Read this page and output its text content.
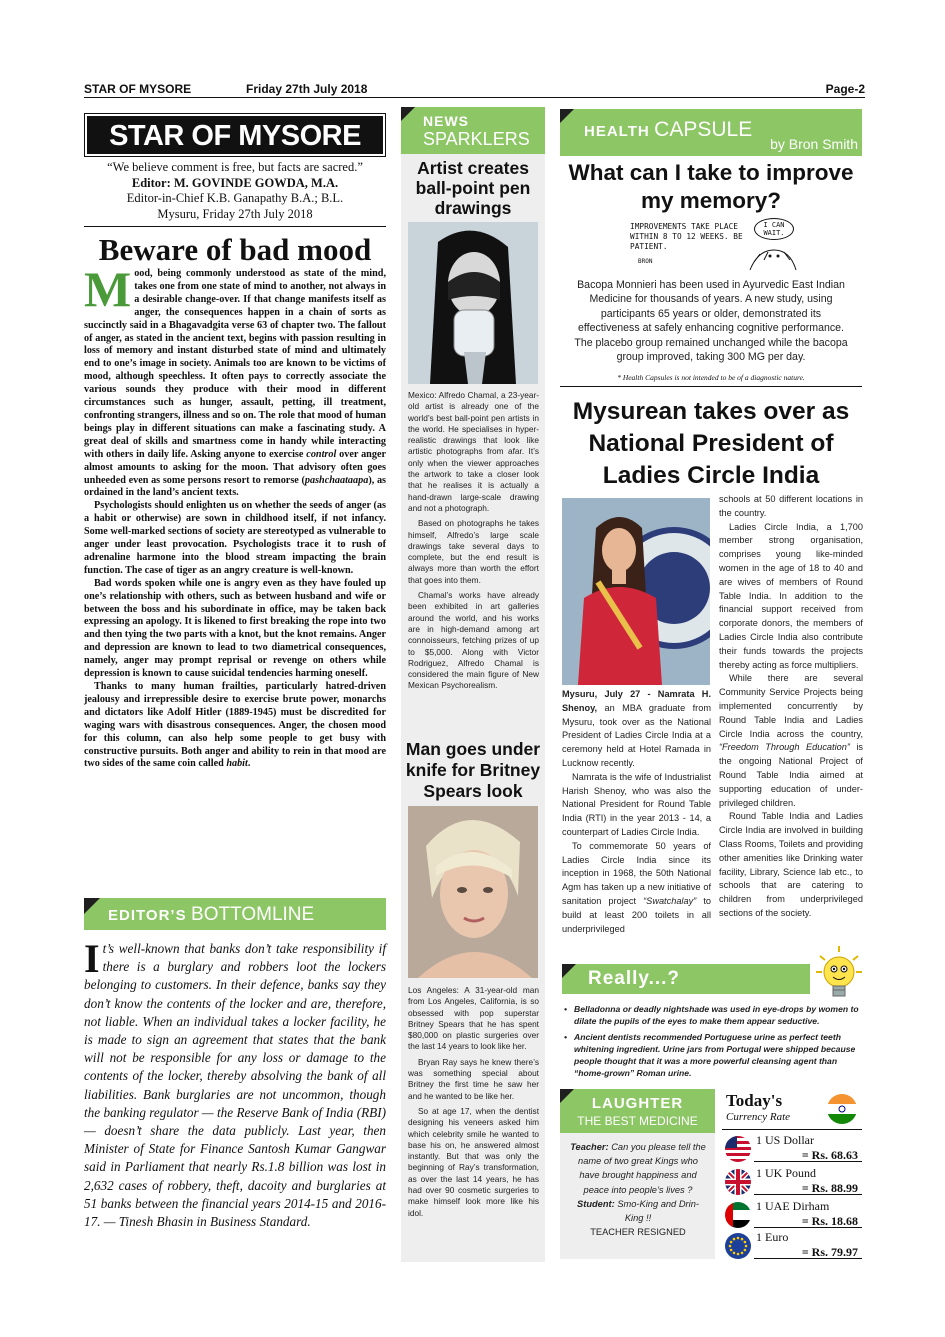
STAR OF MYSORE	Friday 27th July 2018	Page-2
STAR OF MYSORE
“We believe comment is free, but facts are sacred.”
Editor: M. GOVINDE GOWDA, M.A.
Editor-in-Chief K.B. Ganapathy B.A.; B.L.
Mysuru, Friday 27th July 2018
Beware of bad mood

Mood, being commonly understood as state of the mind, takes one from one state of mind to another, not always in a desirable change-over. If that change manifests itself as anger, the consequences happen in a chain of sorts as succinctly said in a Bhagavadgita verse 63 of chapter two. The fallout of anger, as stated in the ancient text, begins with passion resulting in loss of memory and instant disturbed state of mind and ultimately end to one’s image in society. Animals too are known to be victims of mood, although speechless. It often pays to correctly associate the various sounds they produce with their mood in different circumstances such as hunger, assault, petting, ill treatment, confronting strangers, illness and so on. The role that mood of human beings play in different situations can make a fascinating study. A great deal of skills and smartness come in handy while interacting with others in daily life. Asking anyone to exercise control over anger almost amounts to asking for the moon. That advisory often goes unheeded even as some persons resort to remorse (pashchaataapa), as ordained in the land’s ancient texts.

Psychologists should enlighten us on whether the seeds of anger (as a habit or otherwise) are sown in childhood itself, if not infancy. Some well-marked sections of society are stereotyped as vulnerable to anger under least provocation. Psychologists trace it to rush of adrenaline harmone into the blood stream impacting the brain function. The case of tiger as an angry creature is well-known.

Bad words spoken while one is angry even as they have fouled up one’s relationship with others, such as between husband and wife or between the boss and his subordinate in office, may be taken back expressing an apology. It is likened to first breaking the rope into two and then tying the two parts with a knot, but the knot remains. Anger and depression are known to lead to two diametrical consequences, namely, anger may prompt reprisal or revenge on others while depression is known to cause suicidal tendencies harming oneself.

Thanks to many human frailties, particularly hatred-driven jealousy and irrepressible desire to exercise brute power, monarchs and dictators like Adolf Hitler (1889-1945) must be discredited for waging wars with disastrous consequences. Anger, the chosen mood for this column, can also help some people to get busy with constructive pursuits. Both anger and ability to rein in that mood are two sides of the same coin called habit.

EDITOR’S BOTTOMLINE
It’s well-known that banks don’t take responsibility if there is a burglary and robbers loot the lockers belonging to customers. In their defence, banks say they don’t know the contents of the locker and are, therefore, not liable. When an individual takes a locker facility, he is made to sign an agreement that states that the bank will not be responsible for any loss or damage to the contents of the locker, thereby absolving the bank of all liabilities. Bank burglaries are not uncommon, though the banking regulator — the Reserve Bank of India (RBI) — doesn’t share the data publicly. Last year, then Minister of State for Finance Santosh Kumar Gangwar said in Parliament that nearly Rs.1.8 billion was lost in 2,632 cases of robbery, theft, dacoity and burglaries at 51 banks between the financial years 2014-15 and 2016-17. — Tinesh Bhasin in Business Standard.
NEWS
SPARKLERS
Artist creates ball-point pen drawings

Mexico: Alfredo Chamal, a 23-year-old artist is already one of the world’s best ball-point pen artists in the world. He specialises in hyper-realistic drawings that look like artistic photographs from afar. It’s only when the viewer approaches the artwork to take a closer look that he realises it is actually a hand-drawn large-scale drawing and not a photograph.

Based on photographs he takes himself, Alfredo’s large scale drawings take several days to complete, but the end result is always more than worth the effort that goes into them.

Chamal’s works have already been exhibited in art galleries around the world, and his works are in high-demand among art connoisseurs, fetching prizes of up to $5,000. Along with Victor Rodriguez, Alfredo Chamal is considered the main figure of New Mexican Psychorealism.

Man goes under knife for Britney Spears look

Los Angeles: A 31-year-old man from Los Angeles, California, is so obsessed with pop superstar Britney Spears that he has spent $80,000 on plastic surgeries over the last 14 years to look like her.

Bryan Ray says he knew there’s was something special about Britney the first time he saw her and he wanted to be like her.

So at age 17, when the dentist designing his veneers asked him which celebrity smile he wanted to base his on, he answered almost instantly. But that was only the beginning of Ray’s transformation, as over the last 14 years, he has had over 90 cosmetic surgeries to make himself look more like his idol.

HEALTH CAPSULE
by Bron Smith
What can I take to improve my memory?
IMPROVEMENTS TAKE PLACE WITHIN 8 TO 12 WEEKS. BE PATIENT.
I CAN WAIT.
BRON
Bacopa Monnieri has been used in Ayurvedic East Indian Medicine for thousands of years. A new study, using participants 65 years or older, demonstrated its effectiveness at safely enhancing cognitive performance. The placebo group remained unchanged while the bacopa group improved, taking 300 MG per day.
* Health Capsules is not intended to be of a diagnostic nature.
Mysurean takes over as National President of Ladies Circle India

Mysuru, July 27 - Namrata H. Shenoy, an MBA graduate from Mysuru, took over as the National President of Ladies Circle India at a ceremony held at Hotel Ramada in Lucknow recently.

Namrata is the wife of Industrialist Harish Shenoy, who was also the National President for Round Table India (RTI) in the year 2013 - 14, a counterpart of Ladies Circle India.

To commemorate 50 years of Ladies Circle India since its inception in 1968, the 50th National Agm has taken up a new initiative of sanitation project “Swatchalay” to build at least 200 toilets in all underprivileged

schools at 50 different locations in the country.

Ladies Circle India, a 1,700 member strong organisation, comprises young like-minded women in the age of 18 to 40 and are wives of members of Round Table India. In addition to the financial support received from corporate donors, the members of Ladies Circle India also contribute their funds towards the projects thereby acting as force multipliers.

While there are several Community Service Projects being implemented concurrently by Round Table India and Ladies Circle India across the country, “Freedom Through Education” is the ongoing National Project of Round Table India aimed at supporting education of under-privileged children.

Round Table India and Ladies Circle India are involved in building Class Rooms, Toilets and providing other amenities like Drinking water facility, Library, Science lab etc., to schools that are catering to children from underprivileged sections of the society.

Really...?
• Belladonna or deadly nightshade was used in eye-drops by women to dilate the pupils of the eyes to make them appear seductive.
• Ancient dentists recommended Portuguese urine as perfect teeth whitening ingredient. Urine jars from Portugal were shipped because people thought that it was a more powerful cleansing agent than “home-grown” Roman urine.
LAUGHTER
THE BEST MEDICINE
Teacher: Can you please tell the name of two great Kings who have brought happiness and peace into people’s lives ?
Student: Smo-King and Drin-King !!
TEACHER RESIGNED
Today's
Currency Rate
1 US Dollar
= Rs. 68.63
1 UK Pound
= Rs. 88.99
1 UAE Dirham
= Rs. 18.68
1 Euro
= Rs. 79.97
